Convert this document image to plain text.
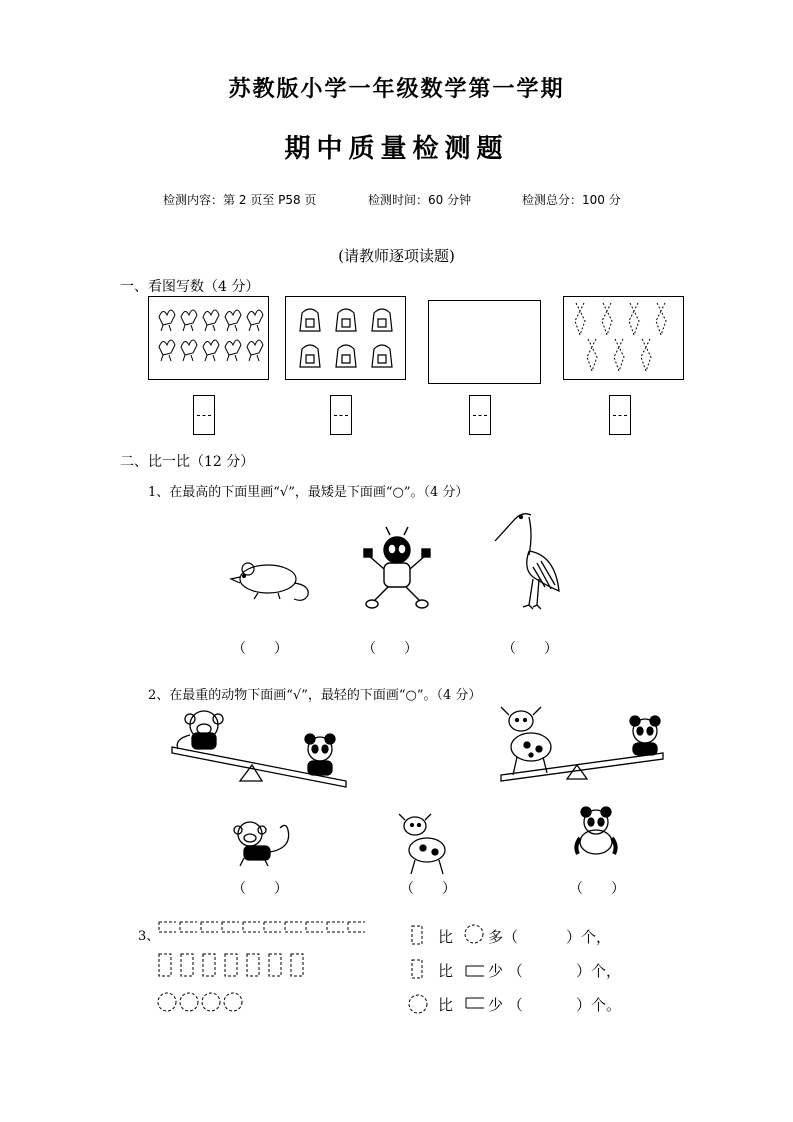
苏教版小学一年级数学第一学期
期中质量检测题
检测内容：第 2 页至 P58 页	检测时间：60 分钟	检测总分：100 分
(请教师逐项读题)
一、看图写数（4 分）
二、比一比（12 分）
1、在最高的下面里画“√”，最矮是下面画“○”。（4 分）
（　　）	（　　）	（　　）
2、在最重的动物下面画“√”，最轻的下面画“○”。（4 分）
（　　）	（　　）	（　　）
3、	比 多（	）个，
比 少 （	）个，
比 少 （	）个。
